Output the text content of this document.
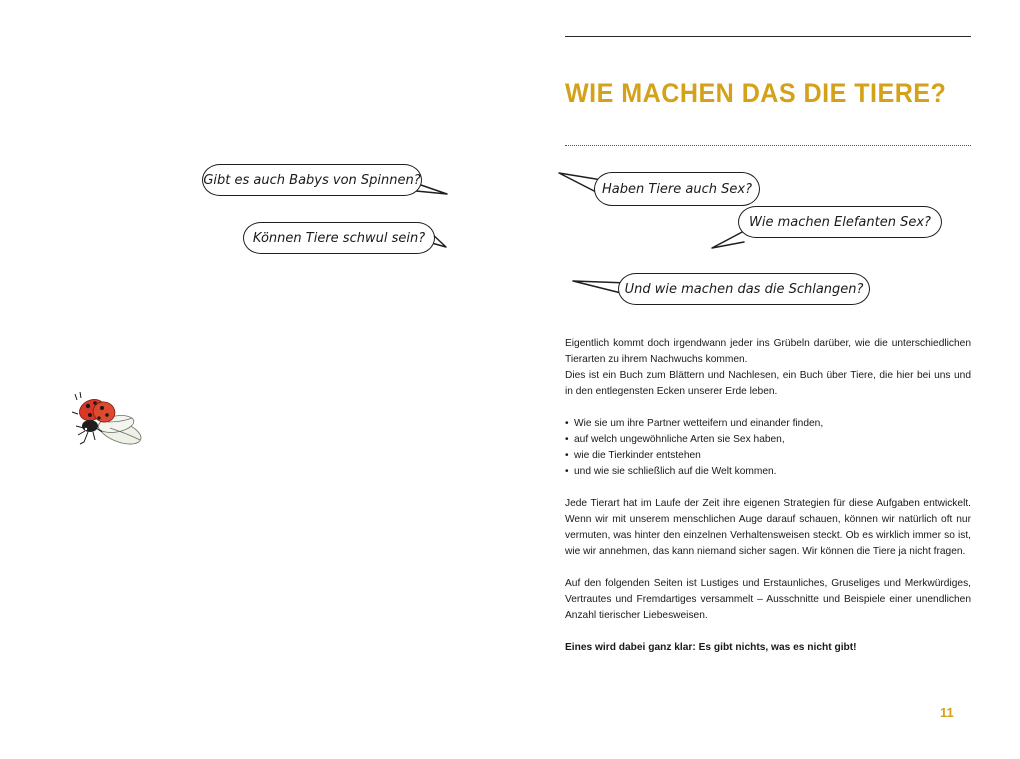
Gibt es auch Babys von Spinnen?
Können Tiere schwul sein?
Haben Tiere auch Sex?
Wie machen Elefanten Sex?
Und wie machen das die Schlangen?
WIE MACHEN DAS DIE TIERE?

Eigentlich kommt doch irgendwann jeder ins Grübeln darüber, wie die unterschiedlichen Tierarten zu ihrem Nachwuchs kommen.
Dies ist ein Buch zum Blättern und Nachlesen, ein Buch über Tiere, die hier bei uns und in den entlegensten Ecken unserer Erde leben.

• Wie sie um ihre Partner wetteifern und einander finden,
• auf welch ungewöhnliche Arten sie Sex haben,
• wie die Tierkinder entstehen
• und wie sie schließlich auf die Welt kommen.

Jede Tierart hat im Laufe der Zeit ihre eigenen Strategien für diese Aufgaben entwickelt. Wenn wir mit unserem menschlichen Auge darauf schauen, können wir natürlich oft nur vermuten, was hinter den einzelnen Verhaltensweisen steckt. Ob es wirklich immer so ist, wie wir annehmen, das kann niemand sicher sagen. Wir können die Tiere ja nicht fragen.

Auf den folgenden Seiten ist Lustiges und Erstaunliches, Gruseliges und Merkwürdiges, Vertrautes und Fremdartiges versammelt – Ausschnitte und Beispiele einer unendlichen Anzahl tierischer Liebesweisen.

Eines wird dabei ganz klar: Es gibt nichts, was es nicht gibt!

11
